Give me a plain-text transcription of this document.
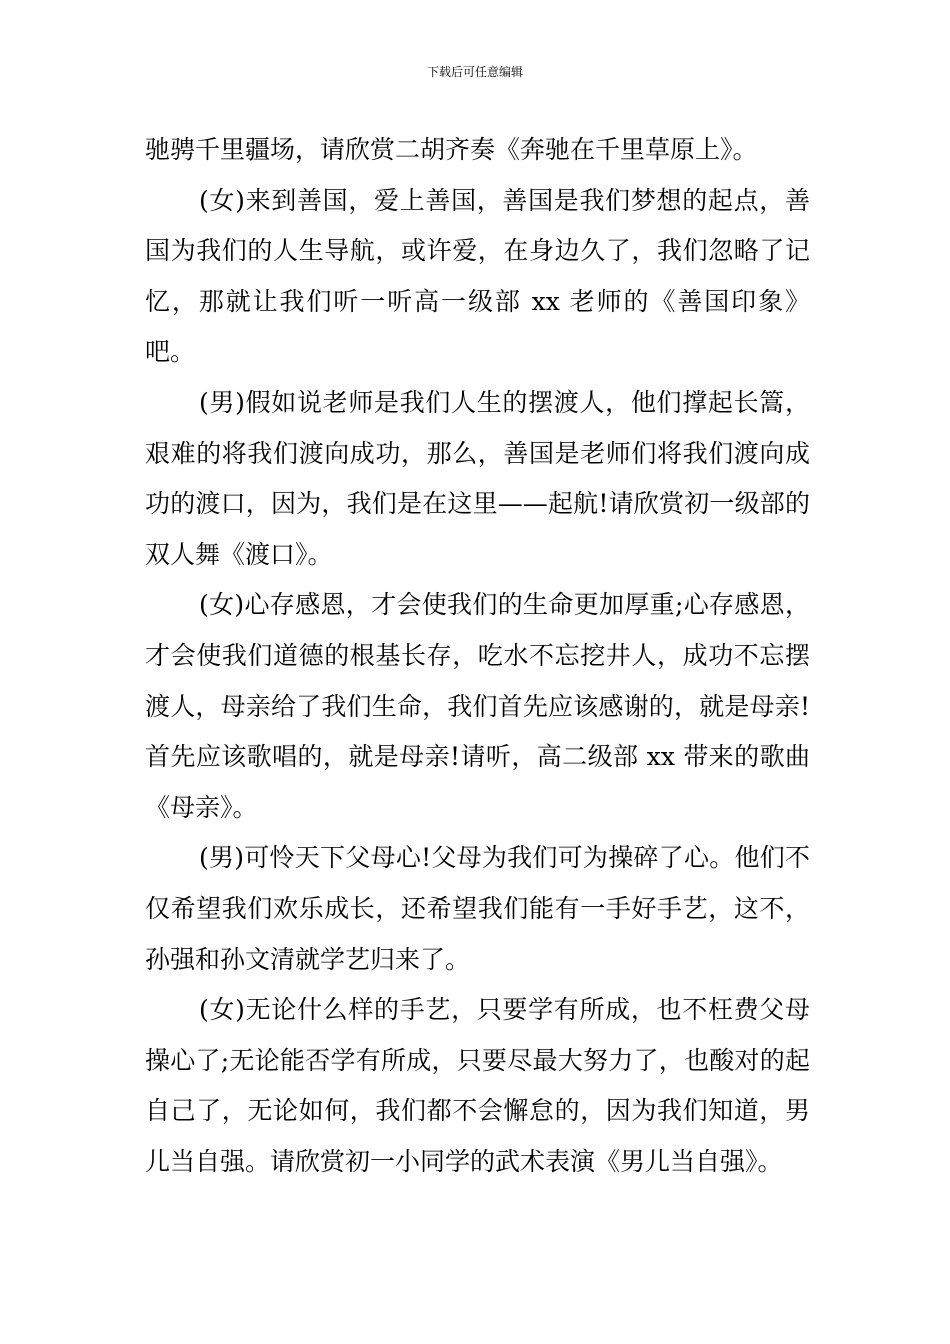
下载后可任意编辑

驰骋千里疆场，请欣赏二胡齐奏《奔驰在千里草原上》。

(女)来到善国，爱上善国，善国是我们梦想的起点，善国为我们的人生导航，或许爱，在身边久了，我们忽略了记忆，那就让我们听一听高一级部 xx 老师的《善国印象》吧。

(男)假如说老师是我们人生的摆渡人，他们撑起长篙，艰难的将我们渡向成功，那么，善国是老师们将我们渡向成功的渡口，因为，我们是在这里——起航!请欣赏初一级部的双人舞《渡口》。

(女)心存感恩，才会使我们的生命更加厚重;心存感恩，才会使我们道德的根基长存，吃水不忘挖井人，成功不忘摆渡人，母亲给了我们生命，我们首先应该感谢的，就是母亲!首先应该歌唱的，就是母亲!请听，高二级部 xx 带来的歌曲《母亲》。

(男)可怜天下父母心!父母为我们可为操碎了心。他们不仅希望我们欢乐成长，还希望我们能有一手好手艺，这不，孙强和孙文清就学艺归来了。

(女)无论什么样的手艺，只要学有所成，也不枉费父母操心了;无论能否学有所成，只要尽最大努力了，也酸对的起自己了，无论如何，我们都不会懈怠的，因为我们知道，男儿当自强。请欣赏初一小同学的武术表演《男儿当自强》。
